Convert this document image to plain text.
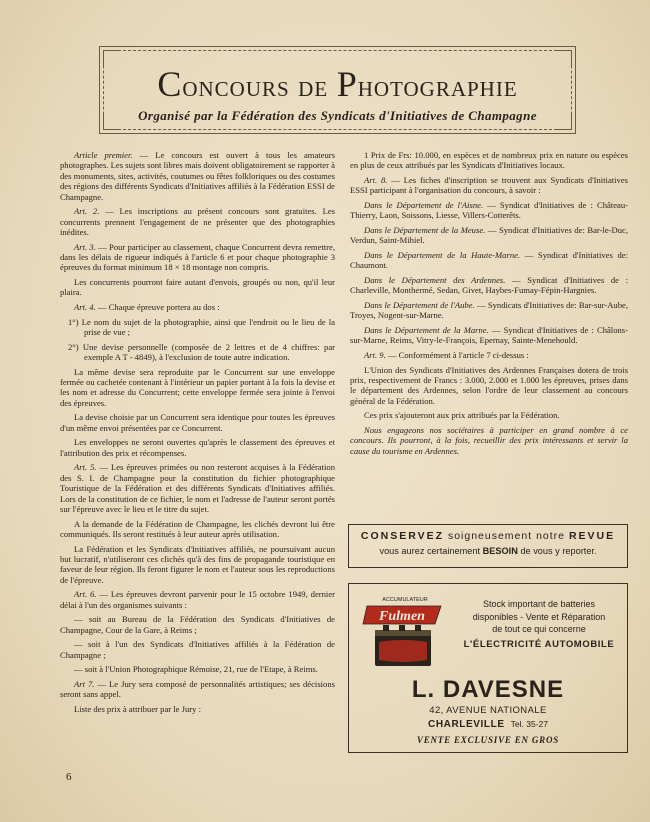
Concours de Photographie
Organisé par la Fédération des Syndicats d'Initiatives de Champagne

Article premier. — Le concours est ouvert à tous les amateurs photographes. Les sujets sont libres mais doivent obligatoirement se rapporter à des monuments, sites, activités, coutumes ou fêtes folkloriques ou des costumes des régions des différents Syndicats d'Initiatives affiliés à la Fédération ESSI de Champagne.

Art. 2. — Les inscriptions au présent concours sont gratuites. Les concurrents prennent l'engagement de ne présenter que des photographies inédites.

Art. 3. — Pour participer au classement, chaque Concurrent devra remettre, dans les délais de rigueur indiqués à l'article 6 et pour chaque photographie 3 épreuves du format minimum 18 × 18 montage non compris.

Les concurrents pourront faire autant d'envois, groupés ou non, qu'il leur plaira.

Art. 4. — Chaque épreuve portera au dos :

1°) Le nom du sujet de la photographie, ainsi que l'endroit ou le lieu de la prise de vue ;

2°) Une devise personnelle (composée de 2 lettres et de 4 chiffres: par exemple A T - 4849), à l'exclusion de toute autre indication.

La même devise sera reproduite par le Concurrent sur une enveloppe fermée ou cachetée contenant à l'intérieur un papier portant à la fois la devise et les nom et adresse du Concurrent; cette enveloppe fermée sera jointe à l'envoi des épreuves.

La devise choisie par un Concurrent sera identique pour toutes les épreuves d'un même envoi présentées par ce Concurrent.

Les enveloppes ne seront ouvertes qu'après le classement des épreuves et l'attribution des prix et récompenses.

Art. 5. — Les épreuves primées ou non resteront acquises à la Fédération des S. I. de Champagne pour la constitution du fichier photographique Touristique de la Fédération et des différents Syndicats d'Initiatives affiliés. Lors de la constitution de ce fichier, le nom et l'adresse de l'auteur seront portés sur l'épreuve avec le lieu et le titre du sujet.

A la demande de la Fédération de Champagne, les clichés devront lui être communiqués. Ils seront restitués à leur auteur après utilisation.

La Fédération et les Syndicats d'Initiatives affiliés, ne poursuivant aucun but lucratif, n'utiliseront ces clichés qu'à des fins de propagande touristique en faveur de leur région. Ils feront figurer le nom et l'auteur sous les reproductions de l'épreuve.

Art. 6. — Les épreuves devront parvenir pour le 15 octobre 1949, dernier délai à l'un des organismes suivants :

— soit au Bureau de la Fédération des Syndicats d'Initiatives de Champagne, Cour de la Gare, à Reims ;

— soit à l'un des Syndicats d'Initiatives affiliés à la Fédération de Champagne ;

— soit à l'Union Photographique Rémoise, 21, rue de l'Etape, à Reims.

Art 7. — Le Jury sera composé de personnalités artistiques; ses décisions seront sans appel.

Liste des prix à attribuer par le Jury :

1 Prix de Frs: 10.000, en espèces et de nombreux prix en nature ou espèces en plus de ceux attribués par les Syndicats d'Initiatives locaux.

Art. 8. — Les fiches d'inscription se trouvent aux Syndicats d'Initiatives ESSI participant à l'organisation du concours, à savoir :

Dans le Département de l'Aisne. — Syndicat d'Initiatives de : Château-Thierry, Laon, Soissons, Liesse, Villers-Cotterêts.

Dans le Département de la Meuse. — Syndicat d'Initiatives de: Bar-le-Duc, Verdun, Saint-Mihiel.

Dans le Département de la Haute-Marne. — Syndicat d'Initiatives de: Chaumont.

Dans le Département des Ardennes. — Syndicat d'Initiatives de : Charleville, Monthermé, Sedan, Givet, Haybes-Fumay-Fépin-Hargnies.

Dans le Département de l'Aube. — Syndicats d'Initiatives de: Bar-sur-Aube, Troyes, Nogent-sur-Marne.

Dans le Département de la Marne. — Syndicat d'Initiatives de : Châlons-sur-Marne, Reims, Vitry-le-François, Epernay, Sainte-Menehould.

Art. 9. — Conformément à l'article 7 ci-dessus :

L'Union des Syndicats d'Initiatives des Ardennes Françaises dotera de trois prix, respectivement de Francs : 3.000, 2.000 et 1.000 les épreuves, prises dans le département des Ardennes, selon l'ordre de leur classement au concours général de la Fédération.

Ces prix s'ajouteront aux prix attribués par la Fédération.

Nous engageons nos sociétaires à participer en grand nombre à ce concours. Ils pourront, à la fois, recueillir des prix intéressants et servir la cause du tourisme en Ardennes.

CONSERVEZ soigneusement notre REVUE
vous aurez certainement BESOIN de vous y reporter.
ACCUMULATEUR
Fulmen
Stock important de batteries
disponibles - Vente et Réparation
de tout ce qui concerne
L'ÉLECTRICITÉ AUTOMOBILE
L. DAVESNE
42, AVENUE NATIONALE
CHARLEVILLE Tel. 35-27
VENTE EXCLUSIVE EN GROS
6
